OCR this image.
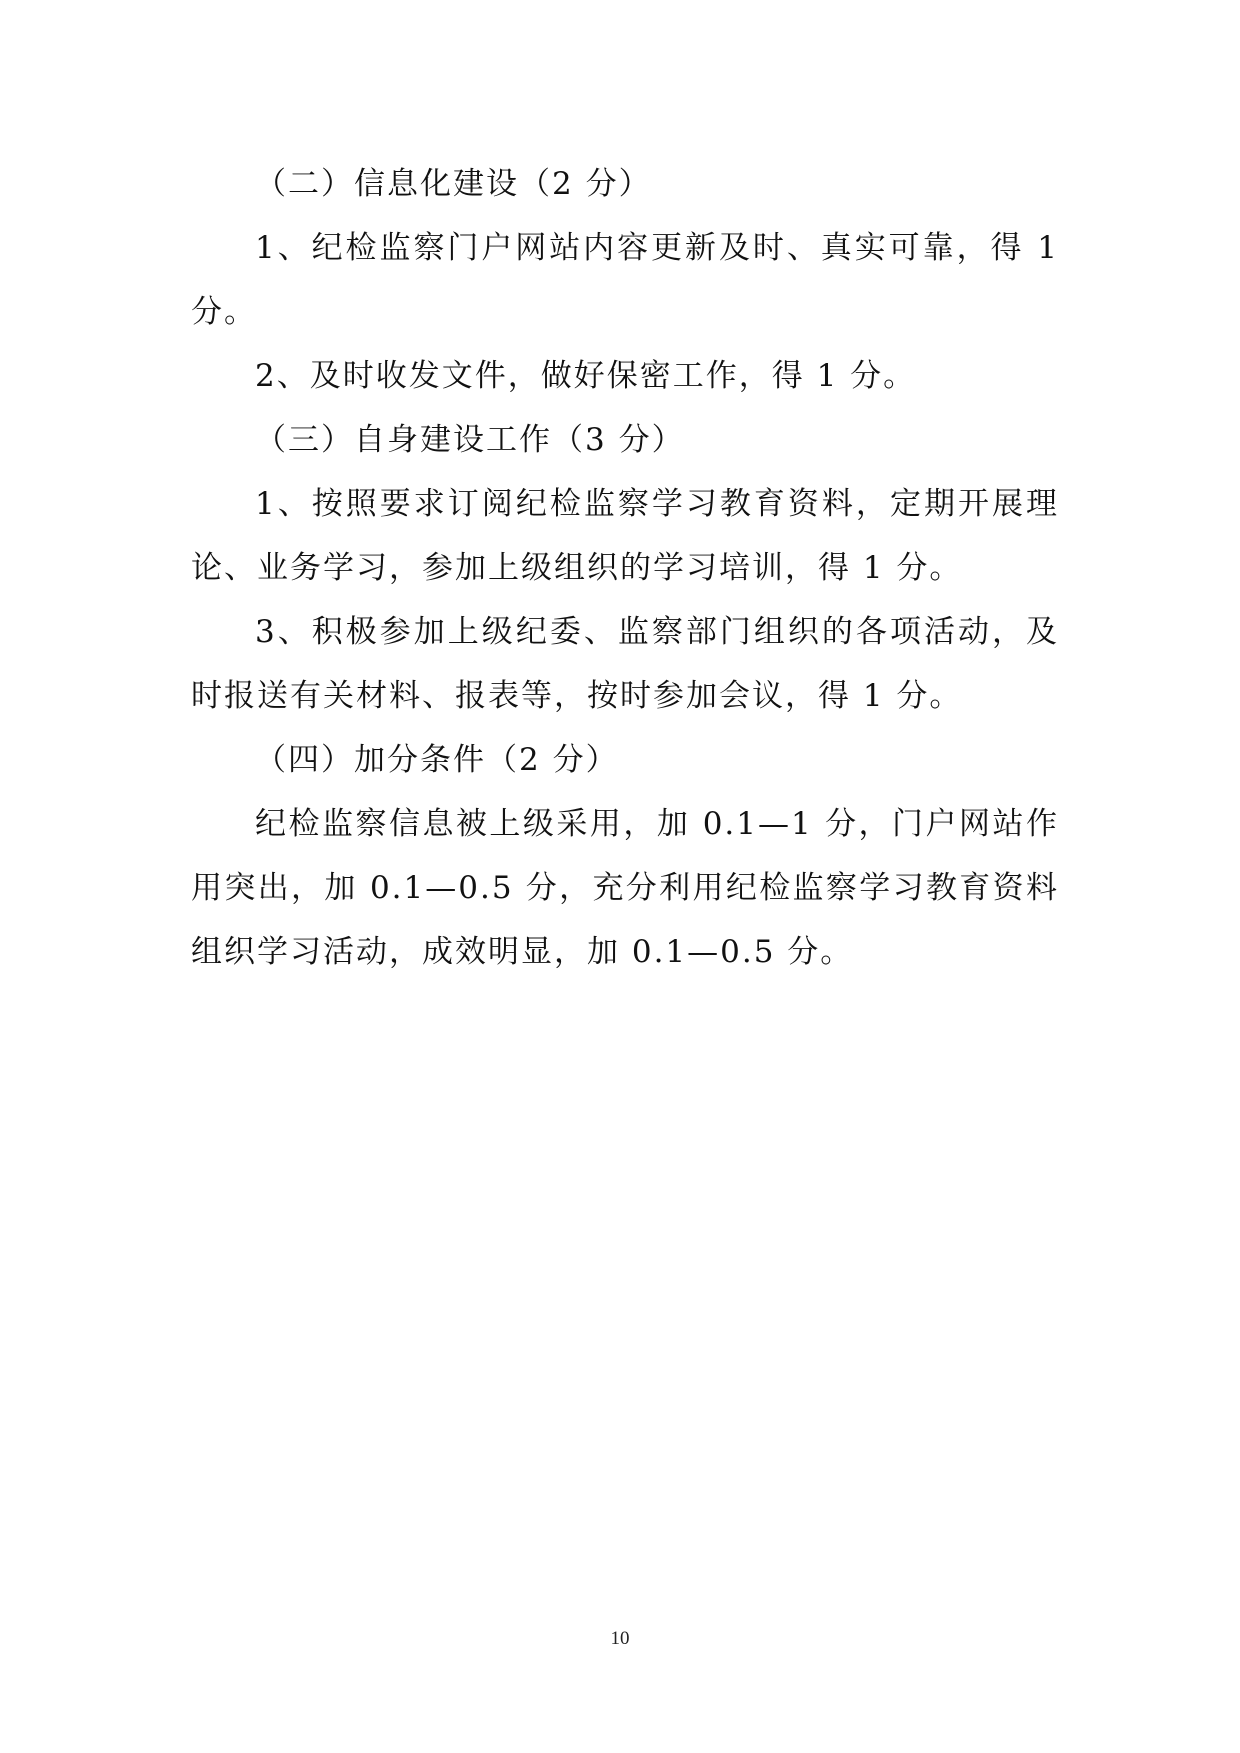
（二）信息化建设（2 分）

1、纪检监察门户网站内容更新及时、真实可靠，得 1 分。

2、及时收发文件，做好保密工作，得 1 分。

（三）自身建设工作（3 分）

1、按照要求订阅纪检监察学习教育资料，定期开展理论、业务学习，参加上级组织的学习培训，得 1 分。

3、积极参加上级纪委、监察部门组织的各项活动，及时报送有关材料、报表等，按时参加会议，得 1 分。

（四）加分条件（2 分）

纪检监察信息被上级采用，加 0.1—1 分，门户网站作用突出，加 0.1—0.5 分，充分利用纪检监察学习教育资料组织学习活动，成效明显，加 0.1—0.5 分。

10
